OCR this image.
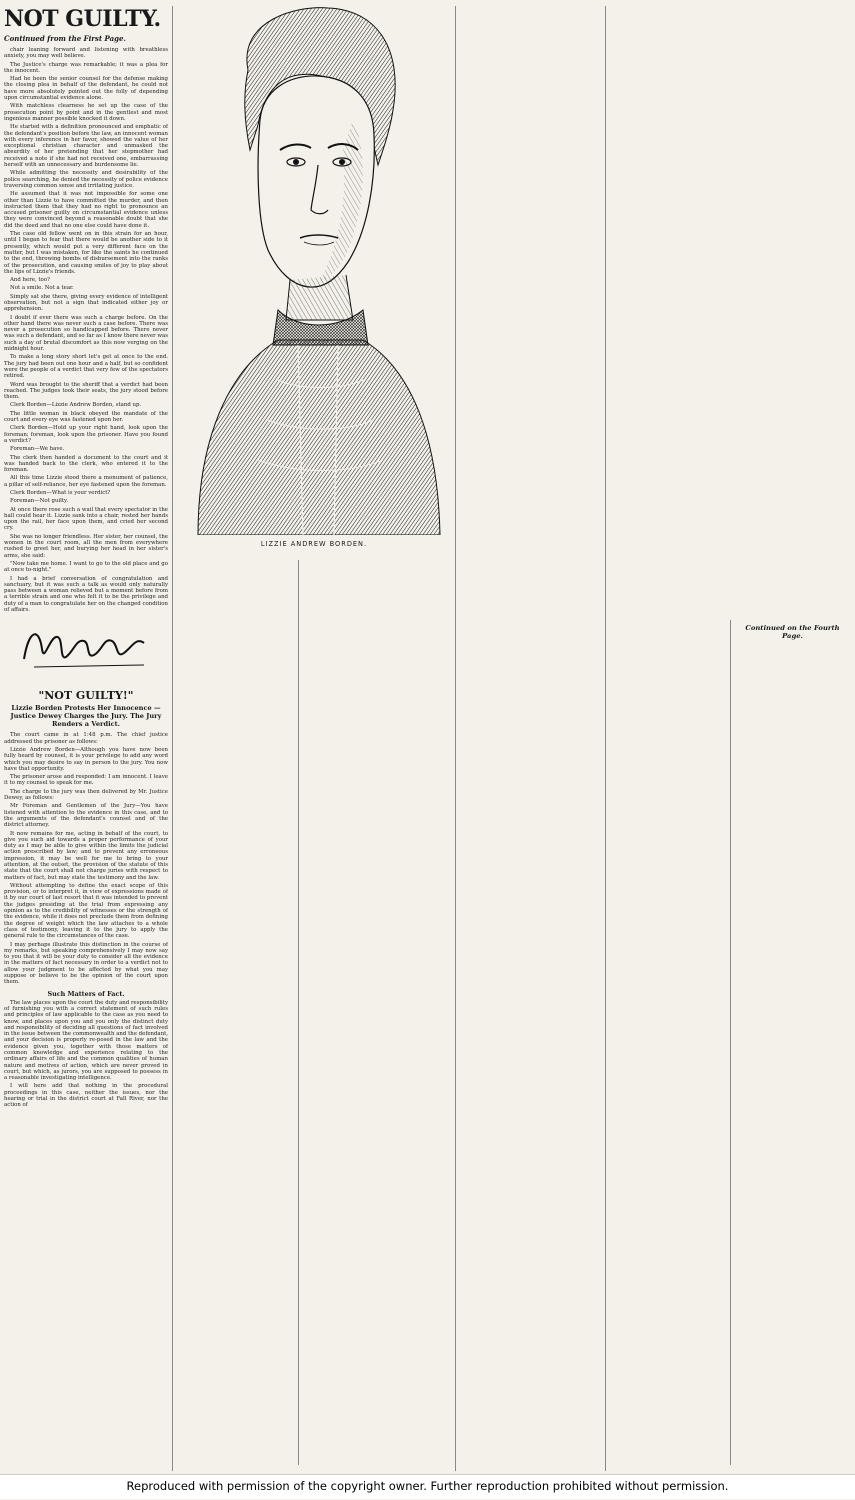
NOT GUILTY.
Continued from the First Page.

chair leaning forward and listening with breathless anxiety, you may well believe.

The Justice's charge was remarkable; it was a plea for the innocent.

Had he been the senior counsel for the defense making the closing plea in behalf of the defendant, he could not have more absolutely pointed out the folly of depending upon circumstantial evidence alone.

With matchless clearness he set up the case of the prosecution point by point and in the gentlest and most ingenious manner possible knocked it down.

He started with a definition pronounced and emphatic of the defendant's position before the law, an innocent woman with every inference in her favor, showed the value of her exceptional christian character and unmasked the absurdity of her pretending that her stepmother had received a note if she had not received one, embarrassing herself with an unnecessary and burdensome lie.

While admitting the necessity and desirability of the police searching, he denied the necessity of police evidence traversing common sense and irritating justice.

He assumed that it was not impossible for some one other than Lizzie to have committed the murder, and then instructed them that they had no right to pronounce an accused prisoner guilty on circumstantial evidence unless they were convinced beyond a reasonable doubt that she did the deed and that no one else could have done it.

The case old fellow went on in this strain for an hour, until I began to fear that there would be another side to it presently, which would put a very different face on the matter, but I was mistaken, for like the saints he continued to the end, throwing bombs of disbursement into the ranks of the prosecution, and causing smiles of joy to play about the lips of Lizzie's friends.

And here, too?

Not a smile. Not a tear.

Simply sat she there, giving every evidence of intelligent observation, but not a sign that indicated either joy or apprehension.

I doubt if ever there was such a charge before. On the other hand there was never such a case before. There was never a prosecution so handicapped before. There never was such a defendant, and so far as I know there never was such a day of brutal discomfort as this now verging on the midnight hour.

To make a long story short let's get at once to the end. The jury had been out one hour and a half, but so confident were the people of a verdict that very few of the spectators retired.

Word was brought to the sheriff that a verdict had been reached. The judges took their seats, the jury stood before them.

Clerk Borden—Lizzie Andrew Borden, stand up.

The little woman in black obeyed the mandate of the court and every eye was fastened upon her.

Clerk Borden—Hold up your right hand, look upon the foreman; foreman, look upon the prisoner. Have you found a verdict?

Foreman—We have.

The clerk then handed a document to the court and it was handed back to the clerk, who entered it to the foreman.

All this time Lizzie stood there a monument of patience, a pillar of self-reliance, her eye fastened upon the foreman.

Clerk Borden—What is your verdict?

Foreman—Not guilty.

At once there rose such a wail that every spectator in the hall could hear it. Lizzie sank into a chair, rested her hands upon the rail, her face upon them, and cried her second cry.

She was no longer friendless. Her sister, her counsel, the women in the court room, all the men from everywhere rushed to greet her, and burying her head in her sister's arms, she said:

"Now take me home. I want to go to the old place and go at once to-night."

I had a brief conversation of congratulation and sanctuary, but it was such a talk as would only naturally pass between a woman relieved but a moment before from a terrible strain and one who felt it to be the privilege and duty of a man to congratulate her on the changed condition of affairs.

"NOT GUILTY!"
Lizzie Borden Protests Her Innocence —Justice Dewey Charges the Jury. The Jury Renders a Verdict.

The court came in at 1:48 p.m. The chief justice addressed the prisoner as follows:

Lizzie Andrew Borden—Although you have now been fully heard by counsel, it is your privilege to add any word which you may desire to say in person to the jury. You now have that opportunity.

The prisoner arose and responded: I am innocent. I leave it to my counsel to speak for me.

The charge to the jury was then delivered by Mr. Justice Dewey, as follows:

Mr Foreman and Gentlemen of the Jury—You have listened with attention to the evidence in this case, and to the arguments of the defendant's counsel and of the district attorney.

It now remains for me, acting in behalf of the court, to give you such aid towards a proper performance of your duty as I may be able to give within the limits the judicial action prescribed by law; and to prevent any erroneous impression, it may be well for me to bring to your attention, at the outset, the provision of the statute of this state that the court shall not charge juries with respect to matters of fact, but may state the testimony and the law.

Without attempting to define the exact scope of this provision, or to interpret it, in view of expressions made of it by our court of last resort that it was intended to prevent the judges presiding at the trial from expressing any opinion as to the credibility of witnesses or the strength of the evidence, while it does not preclude them from defining the degree of weight which the law attaches to a whole class of testimony, leaving it to the jury to apply the general rule to the circumstances of the case.

I may perhaps illustrate this distinction in the course of my remarks, but speaking comprehensively I may now say to you that it will be your duty to consider all the evidence in the matters of fact necessary in order to a verdict not to allow your judgment to be affected by what you may suppose or believe to be the opinion of the court upon them.

Such Matters of Fact.

The law places upon the court the duty and responsibility of furnishing you with a correct statement of such rules and principles of law applicable to the case as you need to know, and places upon you and you only the distinct duty and responsibility of deciding all questions of fact involved in the issue between the commonwealth and the defendant, and your decision is properly re-posed in the law and the evidence given you, together with those matters of common knowledge and experience relating to the ordinary affairs of life and the common qualities of human nature and motives of action, which are never proved in court, but which, as jurors, you are supposed to possess in a reasonable investigating intelligence.

I will here add that nothing in the procedural proceedings in this case, neither the issues, nor the hearing or trial in the district court at Fall River, nor the action of

LIZZIE ANDREW BORDEN.
Continued on the Fourth Page.
Reproduced with permission of the copyright owner. Further reproduction prohibited without permission.
